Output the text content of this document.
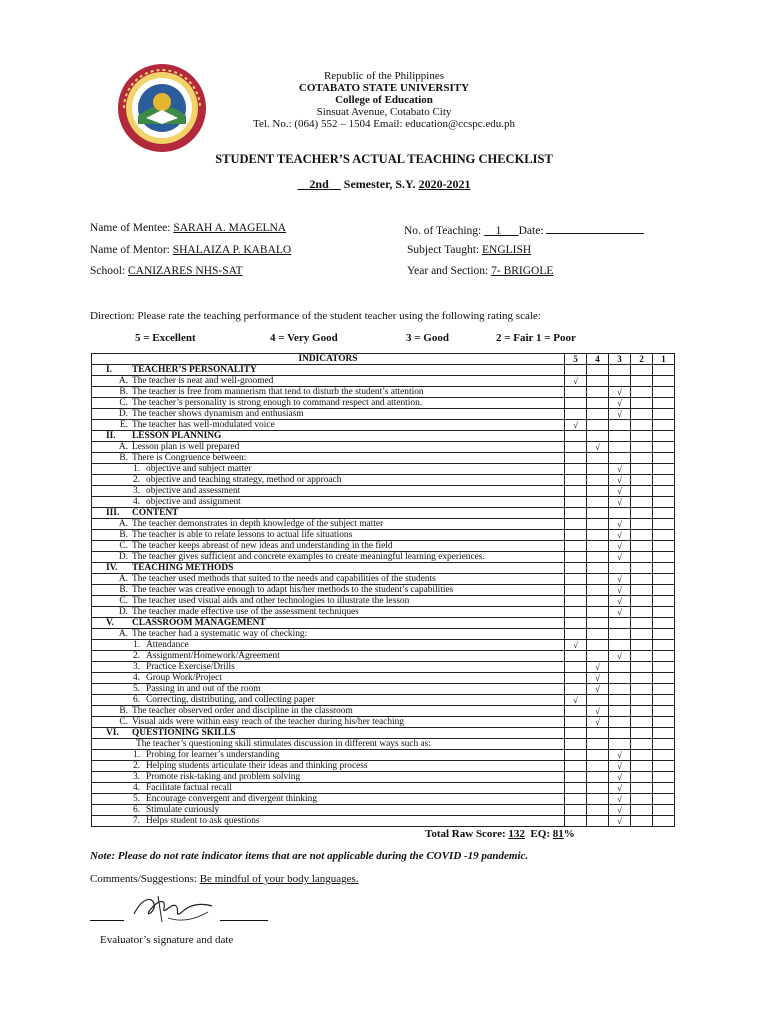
Republic of the Philippines
COTABATO STATE UNIVERSITY
College of Education
Sinsuat Avenue, Cotabato City
Tel. No.: (064) 552 – 1504 Email: education@ccspc.edu.ph
STUDENT TEACHER’S ACTUAL TEACHING CHECKLIST
2nd Semester, S.Y. 2020-2021
Name of Mentee: SARAH A. MAGELNA
Name of Mentor: SHALAIZA P. KABALO
School: CANIZARES NHS-SAT
No. of Teaching: 1 Date:
Subject Taught: ENGLISH
Year and Section: 7- BRIGOLE
Direction: Please rate the teaching performance of the student teacher using the following rating scale:
5 = Excellent	4 = Very Good	3 = Good	2 = Fair 1 = Poor
INDICATORS	5	4	3	2	1
I. TEACHER’S PERSONALITY					
A. The teacher is neat and well-groomed	√				
B. The teacher is free from mannerism that tend to disturb the student’s attention			√		
C. The teacher’s personality is strong enough to command respect and attention.			√		
D. The teacher shows dynamism and enthusiasm			√		
E. The teacher has well-modulated voice	√				
II. LESSON PLANNING					
A. Lesson plan is well prepared		√			
B. There is Congruence between:					
1. objective and subject matter			√		
2. objective and teaching strategy, method or approach			√		
3. objective and assessment			√		
4. objective and assignment			√		
III. CONTENT					
A. The teacher demonstrates in depth knowledge of the subject matter			√		
B. The teacher is able to relate lessons to actual life situations			√		
C. The teacher keeps abreast of new ideas and understanding in the field			√		
D. The teacher gives sufficient and concrete examples to create meaningful learning experiences.			√		
IV. TEACHING METHODS					
A. The teacher used methods that suited to the needs and capabilities of the students			√		
B. The teacher was creative enough to adapt his/her methods to the student’s capabilities			√		
C. The teacher used visual aids and other technologies to illustrate the lesson			√		
D. The teacher made effective use of the assessment techniques			√		
V. CLASSROOM MANAGEMENT					
A. The teacher had a systematic way of checking:					
1. Attendance	√				
2. Assignment/Homework/Agreement			√		
3. Practice Exercise/Drills		√			
4. Group Work/Project		√			
5. Passing in and out of the room		√			
6. Correcting, distributing, and collecting paper	√				
B. The teacher observed order and discipline in the classroom		√			
C. Visual aids were within easy reach of the teacher during his/her teaching		√			
VI. QUESTIONING SKILLS					
The teacher’s questioning skill stimulates discussion in different ways such as:					
1. Probing for learner’s understanding			√		
2. Helping students articulate their ideas and thinking process			√		
3. Promote risk-taking and problem solving			√		
4. Facilitate factual recall			√		
5. Encourage convergent and divergent thinking			√		
6. Stimulate curiously			√		
7. Helps student to ask questions			√		
Total Raw Score: 132 EQ: 81%
Note: Please do not rate indicator items that are not applicable during the COVID -19 pandemic.
Comments/Suggestions: Be mindful of your body languages.
Evaluator’s signature and date
